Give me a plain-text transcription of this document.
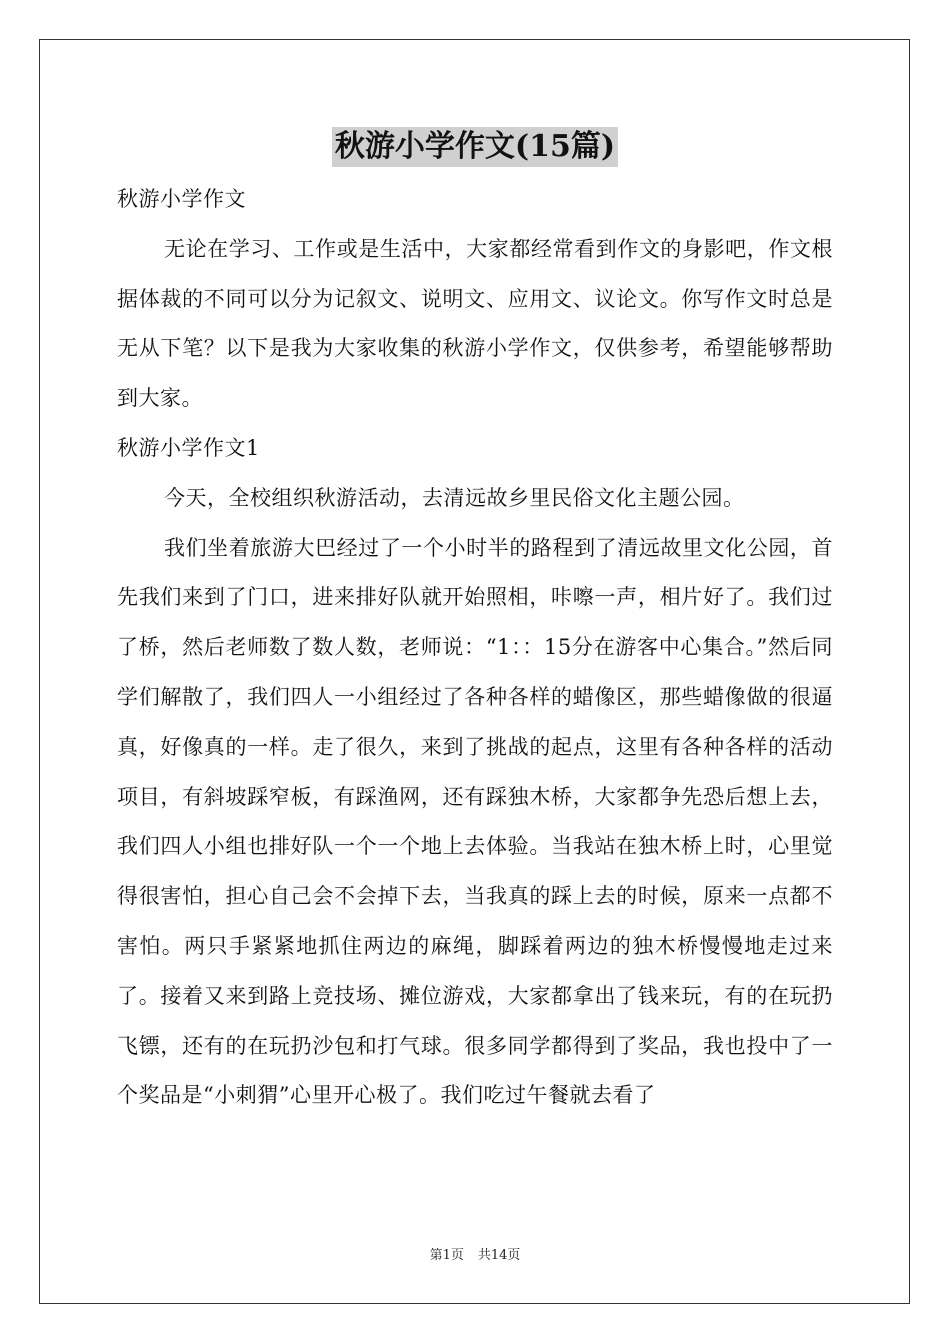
秋游小学作文(15篇)

秋游小学作文

无论在学习、工作或是生活中，大家都经常看到作文的身影吧，作文根据体裁的不同可以分为记叙文、说明文、应用文、议论文。你写作文时总是无从下笔？以下是我为大家收集的秋游小学作文，仅供参考，希望能够帮助到大家。

秋游小学作文1

今天，全校组织秋游活动，去清远故乡里民俗文化主题公园。

我们坐着旅游大巴经过了一个小时半的路程到了清远故里文化公园，首先我们来到了门口，进来排好队就开始照相，咔嚓一声，相片好了。我们过了桥，然后老师数了数人数，老师说：“1：：15分在游客中心集合。”然后同学们解散了，我们四人一小组经过了各种各样的蜡像区，那些蜡像做的很逼真，好像真的一样。走了很久，来到了挑战的起点，这里有各种各样的活动项目，有斜坡踩窄板，有踩渔网，还有踩独木桥，大家都争先恐后想上去，我们四人小组也排好队一个一个地上去体验。当我站在独木桥上时，心里觉得很害怕，担心自己会不会掉下去，当我真的踩上去的时候，原来一点都不害怕。两只手紧紧地抓住两边的麻绳，脚踩着两边的独木桥慢慢地走过来了。接着又来到路上竞技场、摊位游戏，大家都拿出了钱来玩，有的在玩扔飞镖，还有的在玩扔沙包和打气球。很多同学都得到了奖品，我也投中了一个奖品是“小刺猬”心里开心极了。我们吃过午餐就去看了

第1页 共14页
